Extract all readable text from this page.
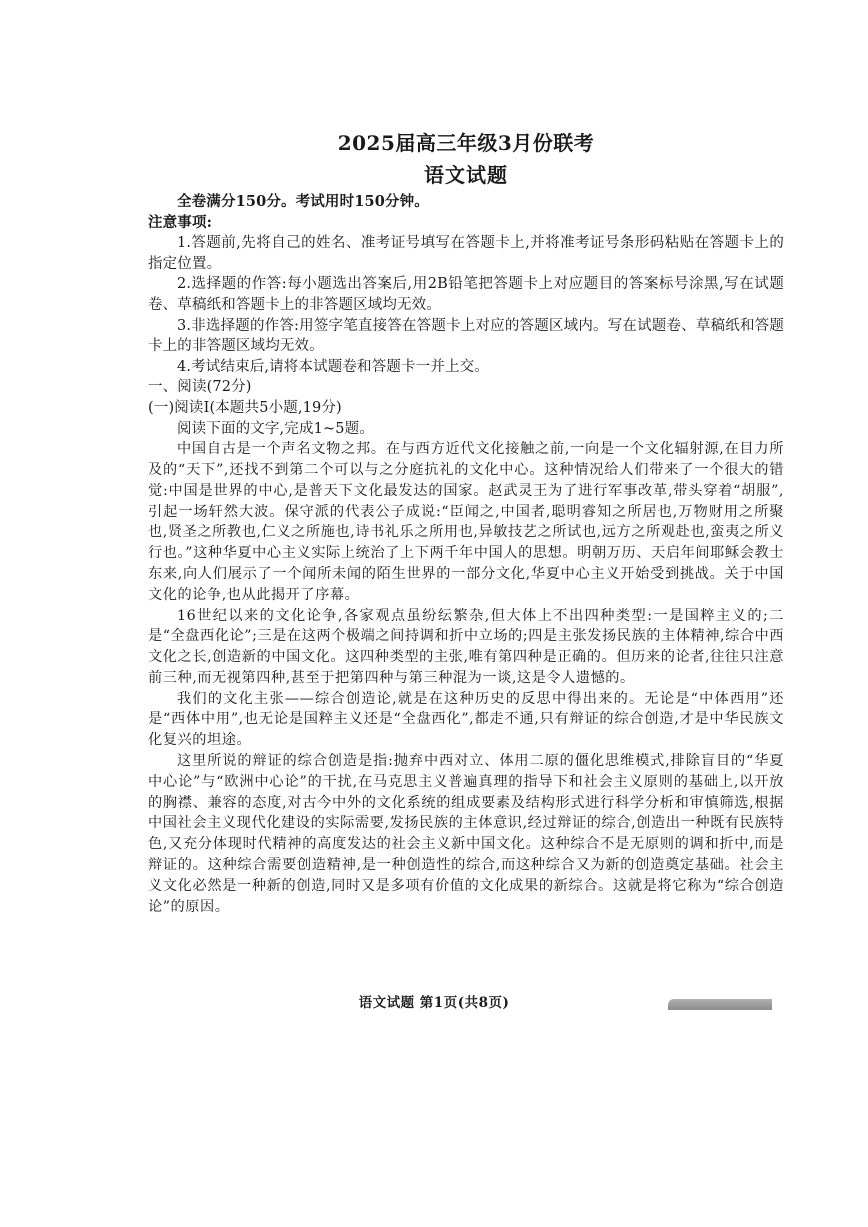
2025届高三年级3月份联考
语文试题

全卷满分150分。考试用时150分钟。

注意事项:

1.答题前,先将自己的姓名、准考证号填写在答题卡上,并将准考证号条形码粘贴在答题卡上的指定位置。

2.选择题的作答:每小题选出答案后,用2B铅笔把答题卡上对应题目的答案标号涂黑,写在试题卷、草稿纸和答题卡上的非答题区域均无效。

3.非选择题的作答:用签字笔直接答在答题卡上对应的答题区域内。写在试题卷、草稿纸和答题卡上的非答题区域均无效。

4.考试结束后,请将本试题卷和答题卡一并上交。

一、阅读(72分)

(一)阅读Ⅰ(本题共5小题,19分)

阅读下面的文字,完成1~5题。

中国自古是一个声名文物之邦。在与西方近代文化接触之前,一向是一个文化辐射源,在目力所及的“天下”,还找不到第二个可以与之分庭抗礼的文化中心。这种情况给人们带来了一个很大的错觉:中国是世界的中心,是普天下文化最发达的国家。赵武灵王为了进行军事改革,带头穿着“胡服”,引起一场轩然大波。保守派的代表公子成说:“臣闻之,中国者,聪明睿知之所居也,万物财用之所聚也,贤圣之所教也,仁义之所施也,诗书礼乐之所用也,异敏技艺之所试也,远方之所观赴也,蛮夷之所义行也。”这种华夏中心主义实际上统治了上下两千年中国人的思想。明朝万历、天启年间耶稣会教士东来,向人们展示了一个闻所未闻的陌生世界的一部分文化,华夏中心主义开始受到挑战。关于中国文化的论争,也从此揭开了序幕。

16世纪以来的文化论争,各家观点虽纷纭繁杂,但大体上不出四种类型:一是国粹主义的;二是“全盘西化论”;三是在这两个极端之间持调和折中立场的;四是主张发扬民族的主体精神,综合中西文化之长,创造新的中国文化。这四种类型的主张,唯有第四种是正确的。但历来的论者,往往只注意前三种,而无视第四种,甚至于把第四种与第三种混为一谈,这是令人遗憾的。

我们的文化主张——综合创造论,就是在这种历史的反思中得出来的。无论是“中体西用”还是“西体中用”,也无论是国粹主义还是“全盘西化”,都走不通,只有辩证的综合创造,才是中华民族文化复兴的坦途。

这里所说的辩证的综合创造是指:抛弃中西对立、体用二原的僵化思维模式,排除盲目的“华夏中心论”与“欧洲中心论”的干扰,在马克思主义普遍真理的指导下和社会主义原则的基础上,以开放的胸襟、兼容的态度,对古今中外的文化系统的组成要素及结构形式进行科学分析和审慎筛选,根据中国社会主义现代化建设的实际需要,发扬民族的主体意识,经过辩证的综合,创造出一种既有民族特色,又充分体现时代精神的高度发达的社会主义新中国文化。这种综合不是无原则的调和折中,而是辩证的。这种综合需要创造精神,是一种创造性的综合,而这种综合又为新的创造奠定基础。社会主义文化必然是一种新的创造,同时又是多项有价值的文化成果的新综合。这就是将它称为“综合创造论”的原因。

语文试题 第1页(共8页)
